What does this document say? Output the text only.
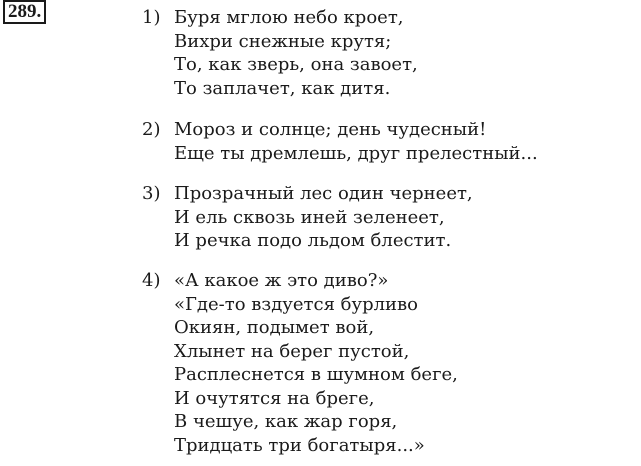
289.	1) Буря мглою небо кроет,
Вихри снежные крутя;
То, как зверь, она завоет,
То заплачет, как дитя.
2) Мороз и солнце; день чудесный!
Еще ты дремлешь, друг прелестный...
3) Прозрачный лес один чернеет,
И ель сквозь иней зеленеет,
И речка подо льдом блестит.
4) «А какое ж это диво?»
«Где-то вздуется бурливо
Окиян, подымет вой,
Хлынет на берег пустой,
Расплеснется в шумном беге,
И очутятся на бреге,
В чешуе, как жар горя,
Тридцать три богатыря...»
